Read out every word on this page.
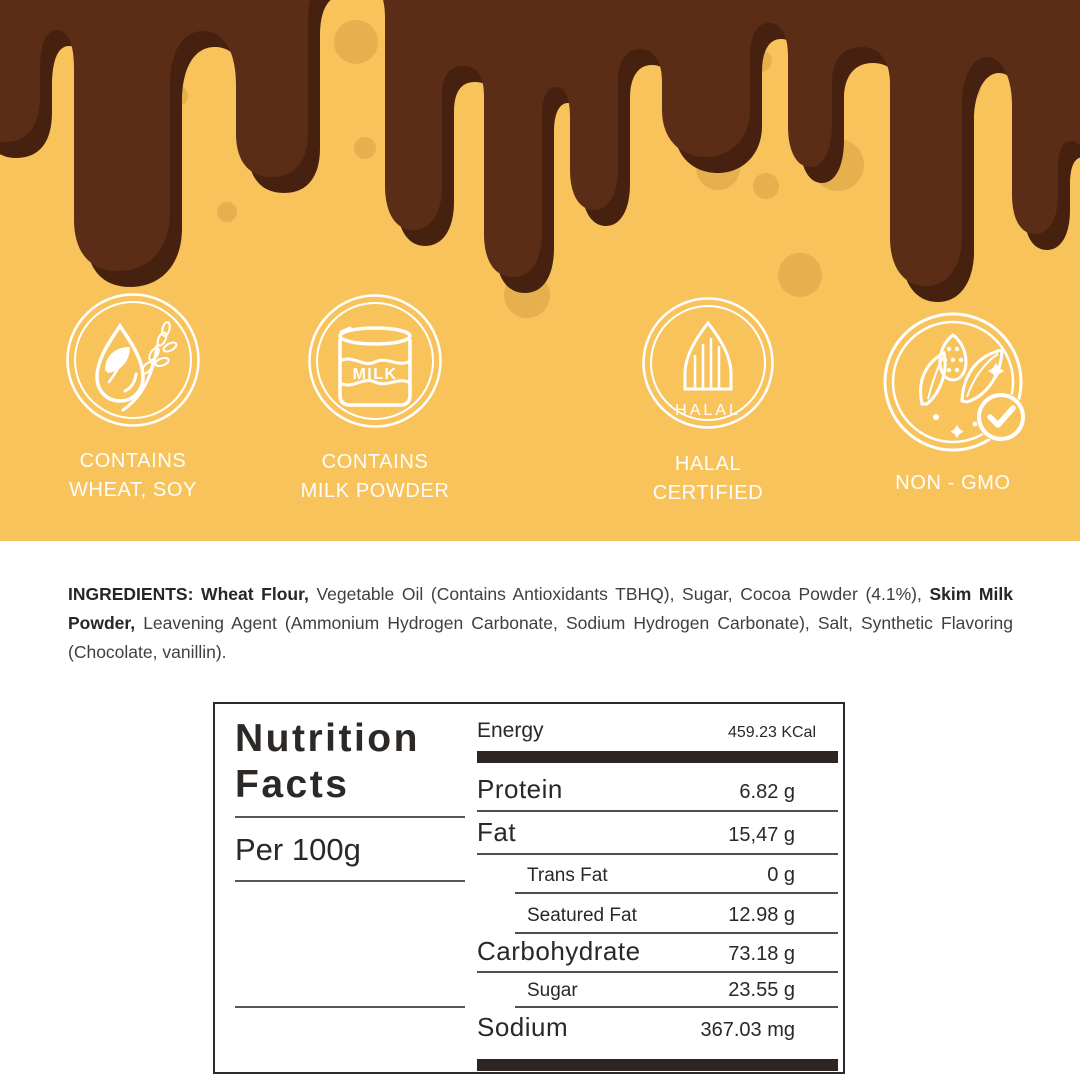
CONTAINS
WHEAT, SOY
MILK
CONTAINS
MILK POWDER
HALAL
HALAL
CERTIFIED	NON - GMO

INGREDIENTS: Wheat Flour, Vegetable Oil (Contains Antioxidants TBHQ), Sugar, Cocoa Powder (4.1%), Skim Milk Powder, Leavening Agent (Ammonium Hydrogen Carbonate, Sodium Hydrogen Carbonate), Salt, Synthetic Flavoring (Chocolate, vanillin).

Nutrition
Facts
Per 100g
Energy	459.23 KCal
Protein	6.82 g
Fat	15,47 g
Trans Fat	0 g
Seatured Fat	12.98 g
Carbohydrate	73.18 g
Sugar	23.55 g
Sodium	367.03 mg
